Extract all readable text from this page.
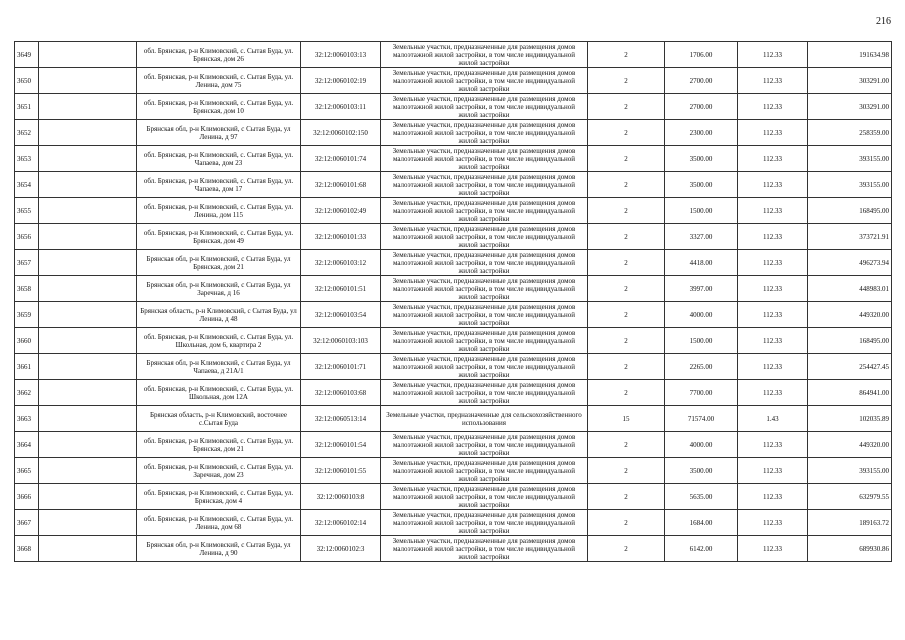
216
3649		обл. Брянская, р-н Климовский, с. Сытая Буда, ул. Брянская, дом 26	32:12:0060103:13	Земельные участки, предназначенные для размещения домов малоэтажной жилой застройки, в том числе индивидуальной жилой застройки	2	1706.00	112.33	191634.98
3650		обл. Брянская, р-н Климовский, с. Сытая Буда, ул. Ленина, дом 75	32:12:0060102:19	Земельные участки, предназначенные для размещения домов малоэтажной жилой застройки, в том числе индивидуальной жилой застройки	2	2700.00	112.33	303291.00
3651		обл. Брянская, р-н Климовский, с. Сытая Буда, ул. Брянская, дом 10	32:12:0060103:11	Земельные участки, предназначенные для размещения домов малоэтажной жилой застройки, в том числе индивидуальной жилой застройки	2	2700.00	112.33	303291.00
3652		Брянская обл, р-н Климовский, с Сытая Буда, ул Ленина, д 97	32:12:0060102:150	Земельные участки, предназначенные для размещения домов малоэтажной жилой застройки, в том числе индивидуальной жилой застройки	2	2300.00	112.33	258359.00
3653		обл. Брянская, р-н Климовский, с. Сытая Буда, ул. Чапаева, дом 23	32:12:0060101:74	Земельные участки, предназначенные для размещения домов малоэтажной жилой застройки, в том числе индивидуальной жилой застройки	2	3500.00	112.33	393155.00
3654		обл. Брянская, р-н Климовский, с. Сытая Буда, ул. Чапаева, дом 17	32:12:0060101:68	Земельные участки, предназначенные для размещения домов малоэтажной жилой застройки, в том числе индивидуальной жилой застройки	2	3500.00	112.33	393155.00
3655		обл. Брянская, р-н Климовский, с. Сытая Буда, ул. Ленина, дом 115	32:12:0060102:49	Земельные участки, предназначенные для размещения домов малоэтажной жилой застройки, в том числе индивидуальной жилой застройки	2	1500.00	112.33	168495.00
3656		обл. Брянская, р-н Климовский, с. Сытая Буда, ул. Брянская, дом 49	32:12:0060101:33	Земельные участки, предназначенные для размещения домов малоэтажной жилой застройки, в том числе индивидуальной жилой застройки	2	3327.00	112.33	373721.91
3657		Брянская обл, р-н Климовский, с Сытая Буда, ул Брянская, дом 21	32:12:0060103:12	Земельные участки, предназначенные для размещения домов малоэтажной жилой застройки, в том числе индивидуальной жилой застройки	2	4418.00	112.33	496273.94
3658		Брянская обл, р-н Климовский, с Сытая Буда, ул Заречная, д 16	32:12:0060101:51	Земельные участки, предназначенные для размещения домов малоэтажной жилой застройки, в том числе индивидуальной жилой застройки	2	3997.00	112.33	448983.01
3659		Брянская область, р-н Климовский, с Сытая Буда, ул Ленина, д 48	32:12:0060103:54	Земельные участки, предназначенные для размещения домов малоэтажной жилой застройки, в том числе индивидуальной жилой застройки	2	4000.00	112.33	449320.00
3660		обл. Брянская, р-н Климовский, с. Сытая Буда, ул. Школьная, дом 6, квартира 2	32:12:0060103:103	Земельные участки, предназначенные для размещения домов малоэтажной жилой застройки, в том числе индивидуальной жилой застройки	2	1500.00	112.33	168495.00
3661		Брянская обл, р-н Климовский, с Сытая Буда, ул Чапаева, д 21А/1	32:12:0060101:71	Земельные участки, предназначенные для размещения домов малоэтажной жилой застройки, в том числе индивидуальной жилой застройки	2	2265.00	112.33	254427.45
3662		обл. Брянская, р-н Климовский, с. Сытая Буда, ул. Школьная, дом 12А	32:12:0060103:68	Земельные участки, предназначенные для размещения домов малоэтажной жилой застройки, в том числе индивидуальной жилой застройки	2	7700.00	112.33	864941.00
3663		Брянская область, р-н Климовский, восточнее с.Сытая Буда	32:12:0060513:14	Земельные участки, предназначенные для сельскохозяйственного использования	15	71574.00	1.43	102035.89
3664		обл. Брянская, р-н Климовский, с. Сытая Буда, ул. Брянская, дом 21	32:12:0060101:54	Земельные участки, предназначенные для размещения домов малоэтажной жилой застройки, в том числе индивидуальной жилой застройки	2	4000.00	112.33	449320.00
3665		обл. Брянская, р-н Климовский, с. Сытая Буда, ул. Заречная, дом 23	32:12:0060101:55	Земельные участки, предназначенные для размещения домов малоэтажной жилой застройки, в том числе индивидуальной жилой застройки	2	3500.00	112.33	393155.00
3666		обл. Брянская, р-н Климовский, с. Сытая Буда, ул. Брянская, дом 4	32:12:0060103:8	Земельные участки, предназначенные для размещения домов малоэтажной жилой застройки, в том числе индивидуальной жилой застройки	2	5635.00	112.33	632979.55
3667		обл. Брянская, р-н Климовский, с. Сытая Буда, ул. Ленина, дом 68	32:12:0060102:14	Земельные участки, предназначенные для размещения домов малоэтажной жилой застройки, в том числе индивидуальной жилой застройки	2	1684.00	112.33	189163.72
3668		Брянская обл, р-н Климовский, с Сытая Буда, ул Ленина, д 90	32:12:0060102:3	Земельные участки, предназначенные для размещения домов малоэтажной жилой застройки, в том числе индивидуальной жилой застройки	2	6142.00	112.33	689930.86
